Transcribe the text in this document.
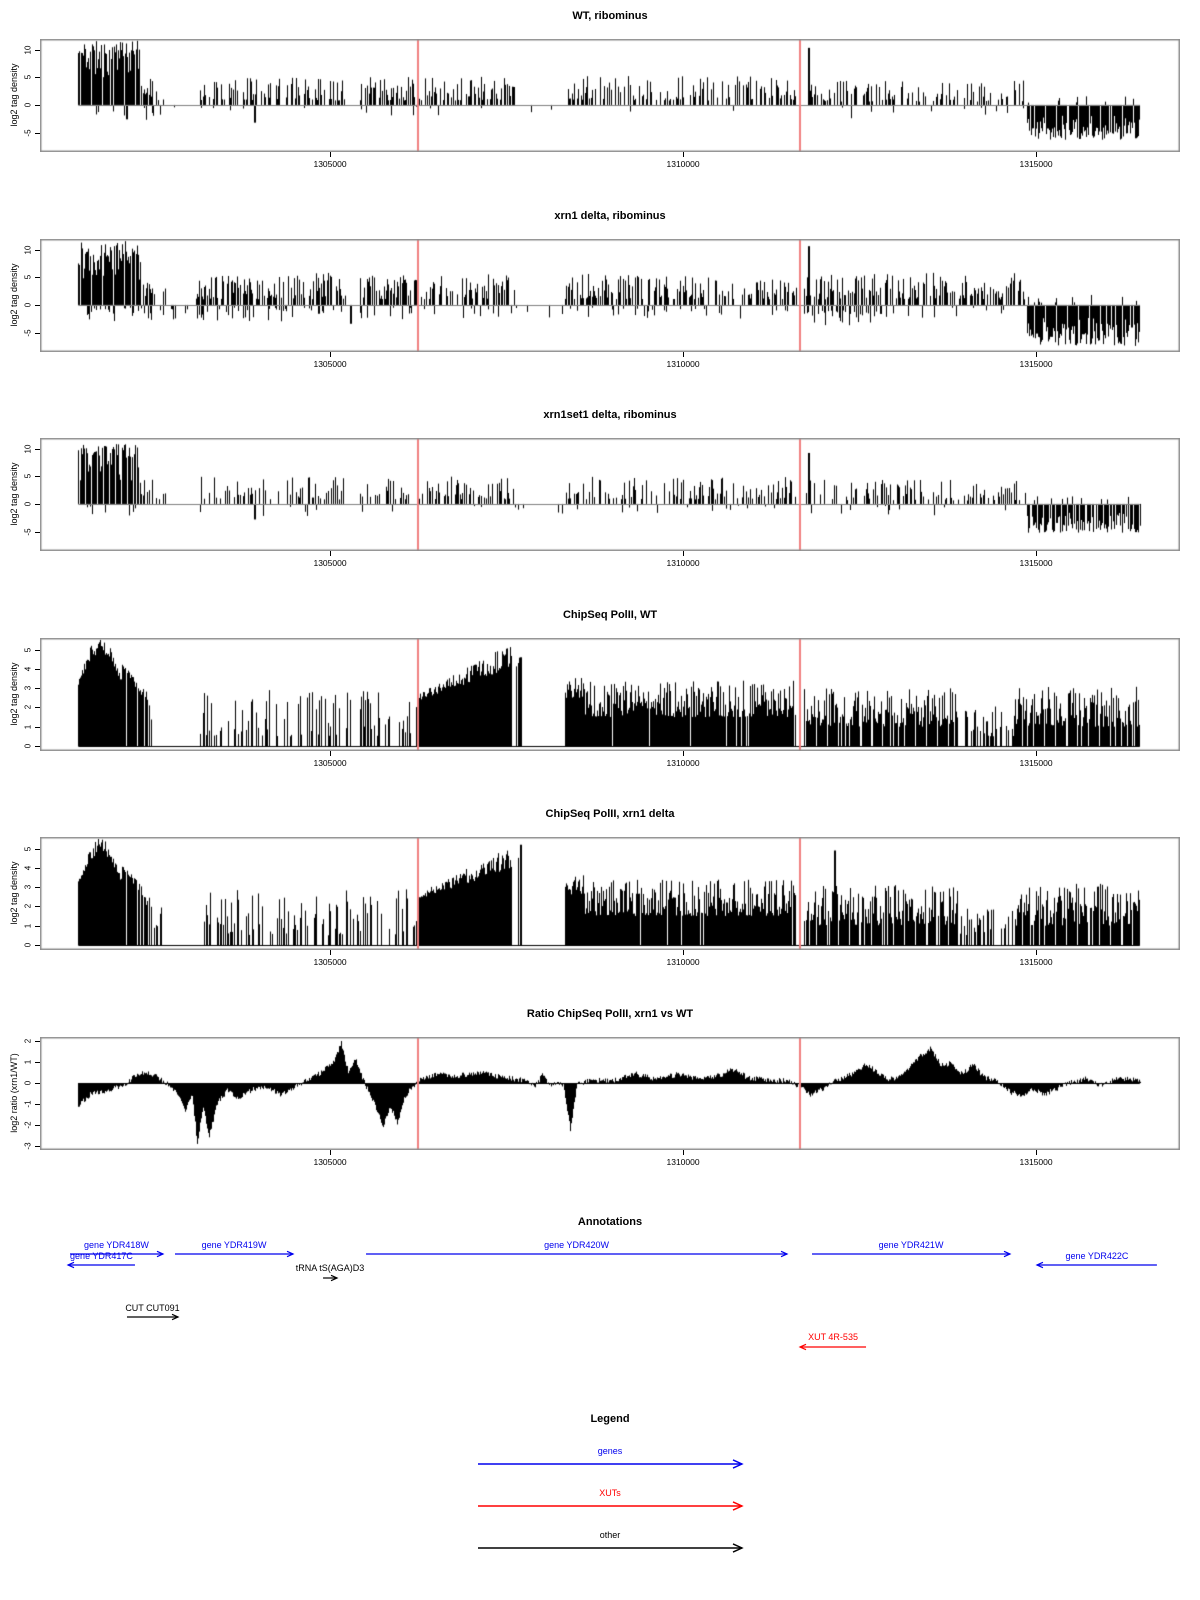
WT, ribominus
log2 tag density
1305000	1310000	1315000
-5
0
5
10
xrn1 delta, ribominus
log2 tag density
1305000	1310000	1315000
-5
0
5
10
xrn1set1 delta, ribominus
log2 tag density
1305000	1310000	1315000
-5
0
5
10
ChipSeq PolII, WT
log2 tag density
1305000	1310000	1315000
0
1
2
3
4
5
ChipSeq PolII, xrn1 delta
log2 tag density
1305000	1310000	1315000
0
1
2
3
4
5
Ratio ChipSeq PolII, xrn1 vs WT
log2 ratio (xrn1/WT)
1305000	1310000	1315000
-3
-2
-1
0
1
2
Annotations
gene YDR418W
gene YDR417C
gene YDR419W	gene YDR420W	gene YDR421W
gene YDR422C
tRNA tS(AGA)D3
CUT CUT091
XUT 4R-535
Legend
genes
XUTs
other
